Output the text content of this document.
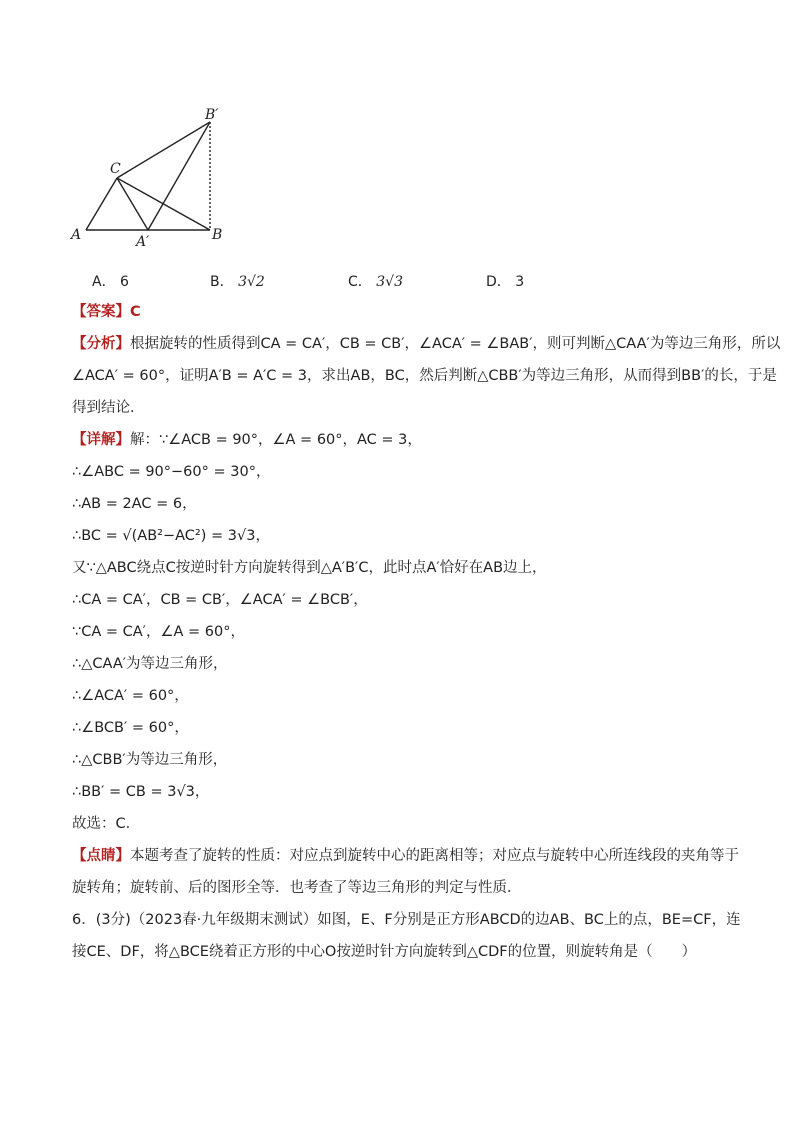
A	B
C
A′
B′
A． 6	B． 3√2	C． 3√3	D． 3
【答案】C
【分析】根据旋转的性质得到CA = CA′，CB = CB′，∠ACA′ = ∠BAB′，则可判断△CAA′为等边三角形，所以
∠ACA′ = 60°，证明A′B = A′C = 3，求出AB，BC，然后判断△CBB′为等边三角形，从而得到BB′的长，于是
得到结论．
【详解】解：∵∠ACB = 90°，∠A = 60°，AC = 3，
∴∠ABC = 90°−60° = 30°，
∴AB = 2AC = 6，
∴BC = √(AB²−AC²) = 3√3，
又∵△ABC绕点C按逆时针方向旋转得到△A′B′C，此时点A′恰好在AB边上，
∴CA = CA′，CB = CB′，∠ACA′ = ∠BCB′，
∵CA = CA′，∠A = 60°，
∴△CAA′为等边三角形，
∴∠ACA′ = 60°，
∴∠BCB′ = 60°，
∴△CBB′为等边三角形，
∴BB′ = CB = 3√3，
故选：C．
【点睛】本题考查了旋转的性质：对应点到旋转中心的距离相等；对应点与旋转中心所连线段的夹角等于
旋转角；旋转前、后的图形全等．也考查了等边三角形的判定与性质．
6．(3分)（2023春·九年级期末测试）如图，E、F分别是正方形ABCD的边AB、BC上的点，BE=CF，连
接CE、DF，将△BCE绕着正方形的中心O按逆时针方向旋转到△CDF的位置，则旋转角是（　　）
